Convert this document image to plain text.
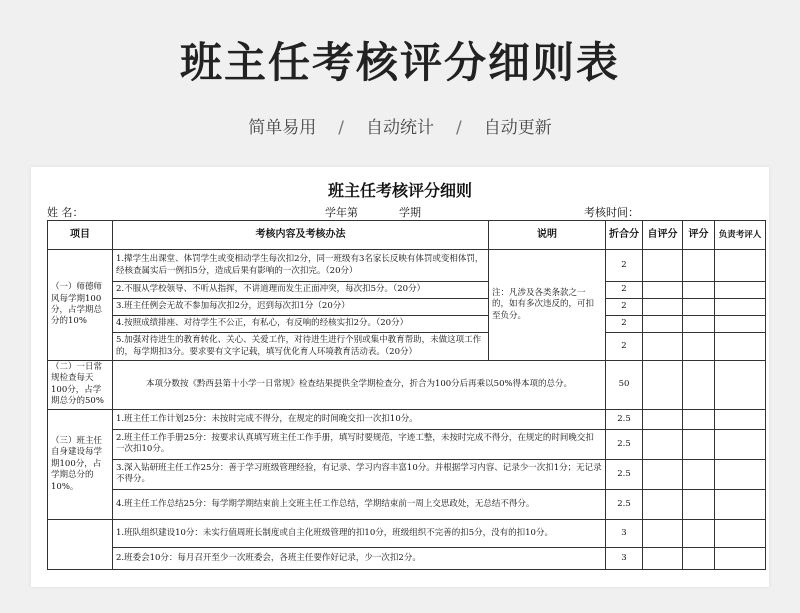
班主任考核评分细则表
简单易用 / 自动统计 / 自动更新
班主任考核评分细则
姓 名：	学年第	学期	考核时间：
项目	考核内容及考核办法	说明	折合分	自评分	评分	负责考评人
（一）师德师风每学期100分，占学期总分的10%	1.撵学生出课堂、体罚学生或变相动学生每次扣2分，同一班级有3名家长反映有体罚或变相体罚，经核查属实后一例扣5分，造成后果有影响的一次扣完。（20分）	注：凡涉及各类条款之一的，如有多次违反的，可扣至负分。	2			
	2.不服从学校领导、不听从指挥，不讲道理而发生正面冲突，每次扣5分。（20分）		2			
	3.班主任例会无故不参加每次扣2分，迟到每次扣1分（20分）		2			
	4.按照成绩排座、对待学生不公正，有私心，有反响的经核实扣2分。（20分）		2			
	5.加强对待进生的教育转化、关心、关爱工作，对待进生进行个别或集中教育帮助，未做这项工作的，每学期扣3分。要求要有文字记载，填写优化育人环境教育活动表。（20分）		2			
（二）一日常规检查每天100分，占学期总分的50%	本项分数按《黔西县第十小学一日常规》检查结果提供全学期检查分，折合为100分后再乘以50%得本项的总分。		50			
（三）班主任自身建设每学期100分，占学期总分的10%。	1.班主任工作计划25分：未按时完成不得分，在规定的时间晚交扣一次扣10分。		2.5			
	2.班主任工作手册25分：按要求认真填写班主任工作手册，填写时要规范，字迹工整，未按时完成不得分，在规定的时间晚交扣一次扣10分。		2.5			
	3.深入钻研班主任工作25分：善于学习班级管理经验，有记录、学习内容丰富10分。并根据学习内容、记录少一次扣1分；无记录不得分。		2.5			
	4.班主任工作总结25分：每学期学期结束前上交班主任工作总结，学期结束前一周上交思政处，无总结不得分。		2.5			
	1.班队组织建设10分：未实行值周班长制度或自主化班级管理的扣10分，班级组织不完善的扣5分，没有的扣10分。		3			
	2.班委会10分：每月召开至少一次班委会，各班主任要作好记录，少一次扣2分。		3			
